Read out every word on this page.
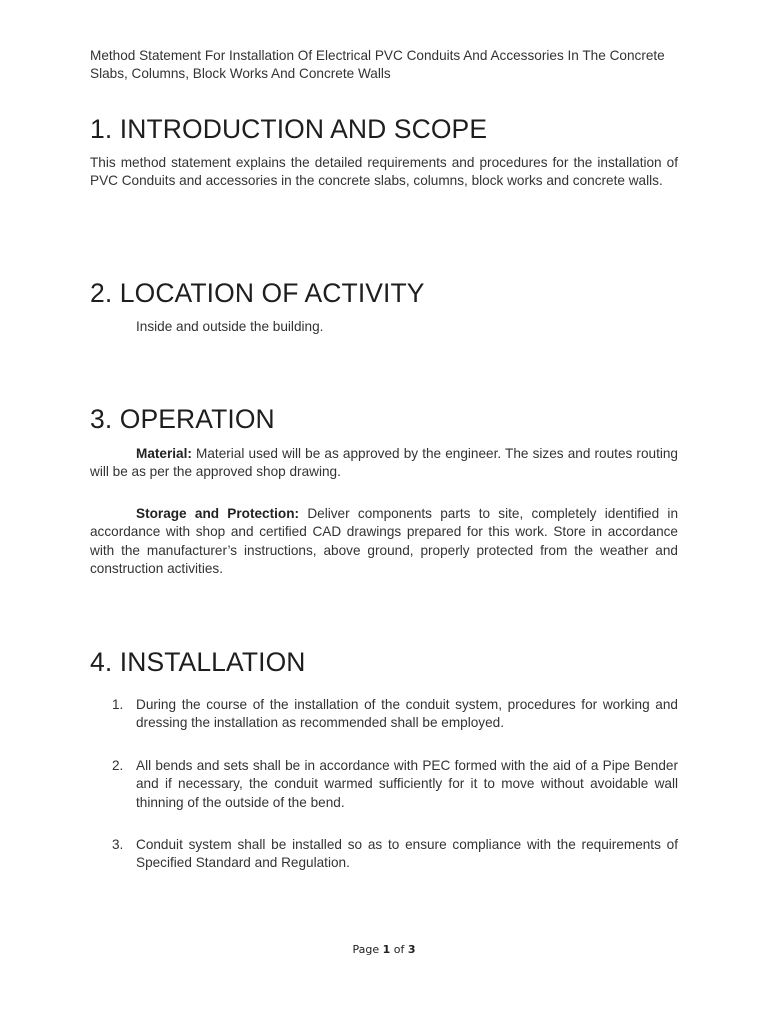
Method Statement For Installation Of Electrical PVC Conduits And Accessories In The Concrete Slabs, Columns, Block Works And Concrete Walls

1. INTRODUCTION AND SCOPE

This method statement explains the detailed requirements and procedures for the installation of PVC Conduits and accessories in the concrete slabs, columns, block works and concrete walls.

2. LOCATION OF ACTIVITY

Inside and outside the building.

3. OPERATION

Material: Material used will be as approved by the engineer. The sizes and routes routing will be as per the approved shop drawing.

Storage and Protection: Deliver components parts to site, completely identified in accordance with shop and certified CAD drawings prepared for this work. Store in accordance with the manufacturer’s instructions, above ground, properly protected from the weather and construction activities.

4. INSTALLATION
1. During the course of the installation of the conduit system, procedures for working and dressing the installation as recommended shall be employed.

2. All bends and sets shall be in accordance with PEC formed with the aid of a Pipe Bender and if necessary, the conduit warmed sufficiently for it to move without avoidable wall thinning of the outside of the bend.

3. Conduit system shall be installed so as to ensure compliance with the requirements of Specified Standard and Regulation.

Page 1 of 3
